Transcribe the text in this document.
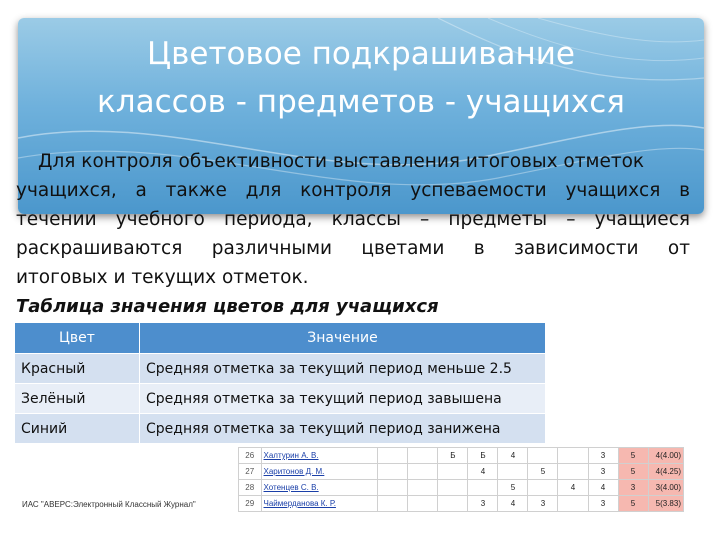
Цветовое подкрашивание
классов - предметов - учащихся
Для контроля объективности выставления итоговых отметок
учащихся, а также для контроля успеваемости учащихся в
течении учебного периода, классы – предметы – учащиеся
раскрашиваются различными цветами в зависимости от
итоговых и текущих отметок.
Таблица значения цветов для учащихся
Цвет	Значение
Красный	Средняя отметка за текущий период меньше 2.5
Зелёный	Средняя отметка за текущий период завышена
Синий	Средняя отметка за текущий период занижена
26	Халтурин А. В.			Б	Б	4			3	5	4(4.00)
27	Харитонов Д. М.				4		5		3	5	4(4.25)
28	Хотенцев С. В.					5		4	4	3	3(4.00)
29	Чаймерданова К. Р.				3	4	3		3	5	5(3.83)
ИАС "АВЕРС:Электронный Классный Журнал"
